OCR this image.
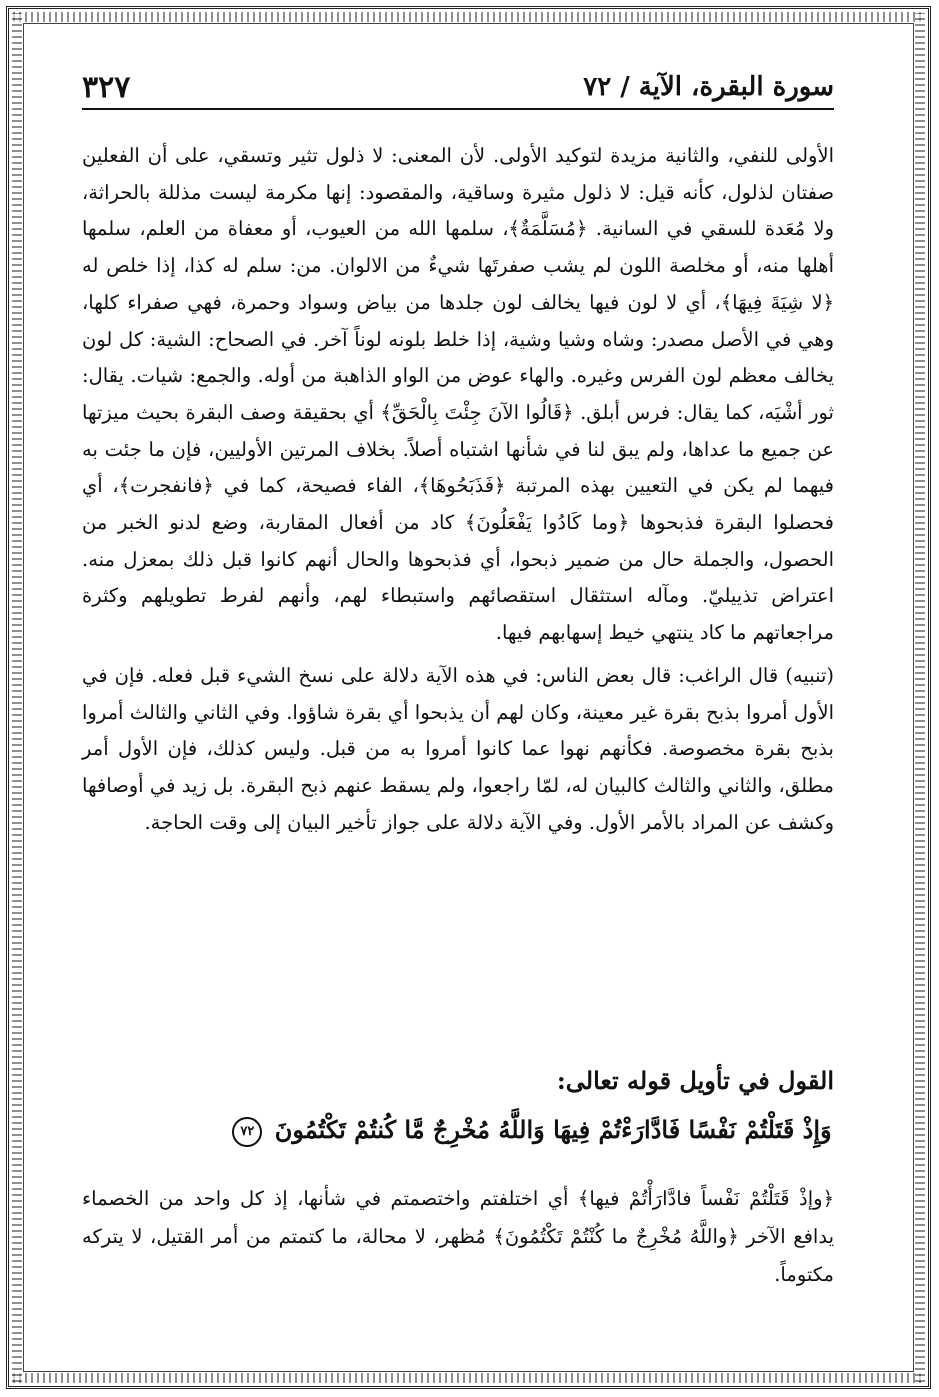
٣٢٧	سورة البقرة، الآية / ٧٢

الأولى للنفي، والثانية مزيدة لتوكيد الأولى. لأن المعنى: لا ذلول تثير وتسقي، على أن الفعلين صفتان لذلول، كأنه قيل: لا ذلول مثيرة وساقية، والمقصود: إنها مكرمة ليست مذللة بالحراثة، ولا مُعَدة للسقي في السانية. ﴿مُسَلَّمَةٌ﴾، سلمها الله من العيوب، أو معفاة من العلم، سلمها أهلها منه، أو مخلصة اللون لم يشب صفرتَها شيءٌ من الالوان. من: سلم له كذا، إذا خلص له ﴿لا شِيَةَ فِيهَا﴾، أي لا لون فيها يخالف لون جلدها من بياض وسواد وحمرة، فهي صفراء كلها، وهي في الأصل مصدر: وشاه وشيا وشية، إذا خلط بلونه لوناً آخر. في الصحاح: الشية: كل لون يخالف معظم لون الفرس وغيره. والهاء عوض من الواو الذاهبة من أوله. والجمع: شيات. يقال: ثور أشْيَه، كما يقال: فرس أبلق. ﴿قَالُوا الآنَ جِئْتَ بِالْحَقِّ﴾ أي بحقيقة وصف البقرة بحيث ميزتها عن جميع ما عداها، ولم يبق لنا في شأنها اشتباه أصلاً. بخلاف المرتين الأوليين، فإن ما جئت به فيهما لم يكن في التعيين بهذه المرتبة ﴿فَذَبَحُوهَا﴾، الفاء فصيحة، كما في ﴿فانفجرت﴾، أي فحصلوا البقرة فذبحوها ﴿وما كَادُوا يَفْعَلُونَ﴾ كاد من أفعال المقاربة، وضع لدنو الخبر من الحصول، والجملة حال من ضمير ذبحوا، أي فذبحوها والحال أنهم كانوا قبل ذلك بمعزل منه. اعتراض تذييليّ. ومآله استثقال استقصائهم واستبطاء لهم، وأنهم لفرط تطويلهم وكثرة مراجعاتهم ما كاد ينتهي خيط إسهابهم فيها.

(تنبيه) قال الراغب: قال بعض الناس: في هذه الآية دلالة على نسخ الشيء قبل فعله. فإن في الأول أمروا بذبح بقرة غير معينة، وكان لهم أن يذبحوا أي بقرة شاؤوا. وفي الثاني والثالث أمروا بذبح بقرة مخصوصة. فكأنهم نهوا عما كانوا أمروا به من قبل. وليس كذلك، فإن الأول أمر مطلق، والثاني والثالث كالبيان له، لمّا راجعوا، ولم يسقط عنهم ذبح البقرة. بل زيد في أوصافها وكشف عن المراد بالأمر الأول. وفي الآية دلالة على جواز تأخير البيان إلى وقت الحاجة.

القول في تأويل قوله تعالى:
وَإِذْ قَتَلْتُمْ نَفْسًا فَادَّارَءْتُمْ فِيهَا وَاللَّهُ مُخْرِجٌ مَّا كُنتُمْ تَكْتُمُونَ ٧٢

﴿وإذْ قَتَلْتُمْ نَفْساً فادَّارَأْتُمْ فيها﴾ أي اختلفتم واختصمتم في شأنها، إذ كل واحد من الخصماء يدافع الآخر ﴿واللَّهُ مُخْرِجٌ ما كُنْتُمْ تَكْتُمُونَ﴾ مُظهر، لا محالة، ما كتمتم من أمر القتيل، لا يتركه مكتوماً.
